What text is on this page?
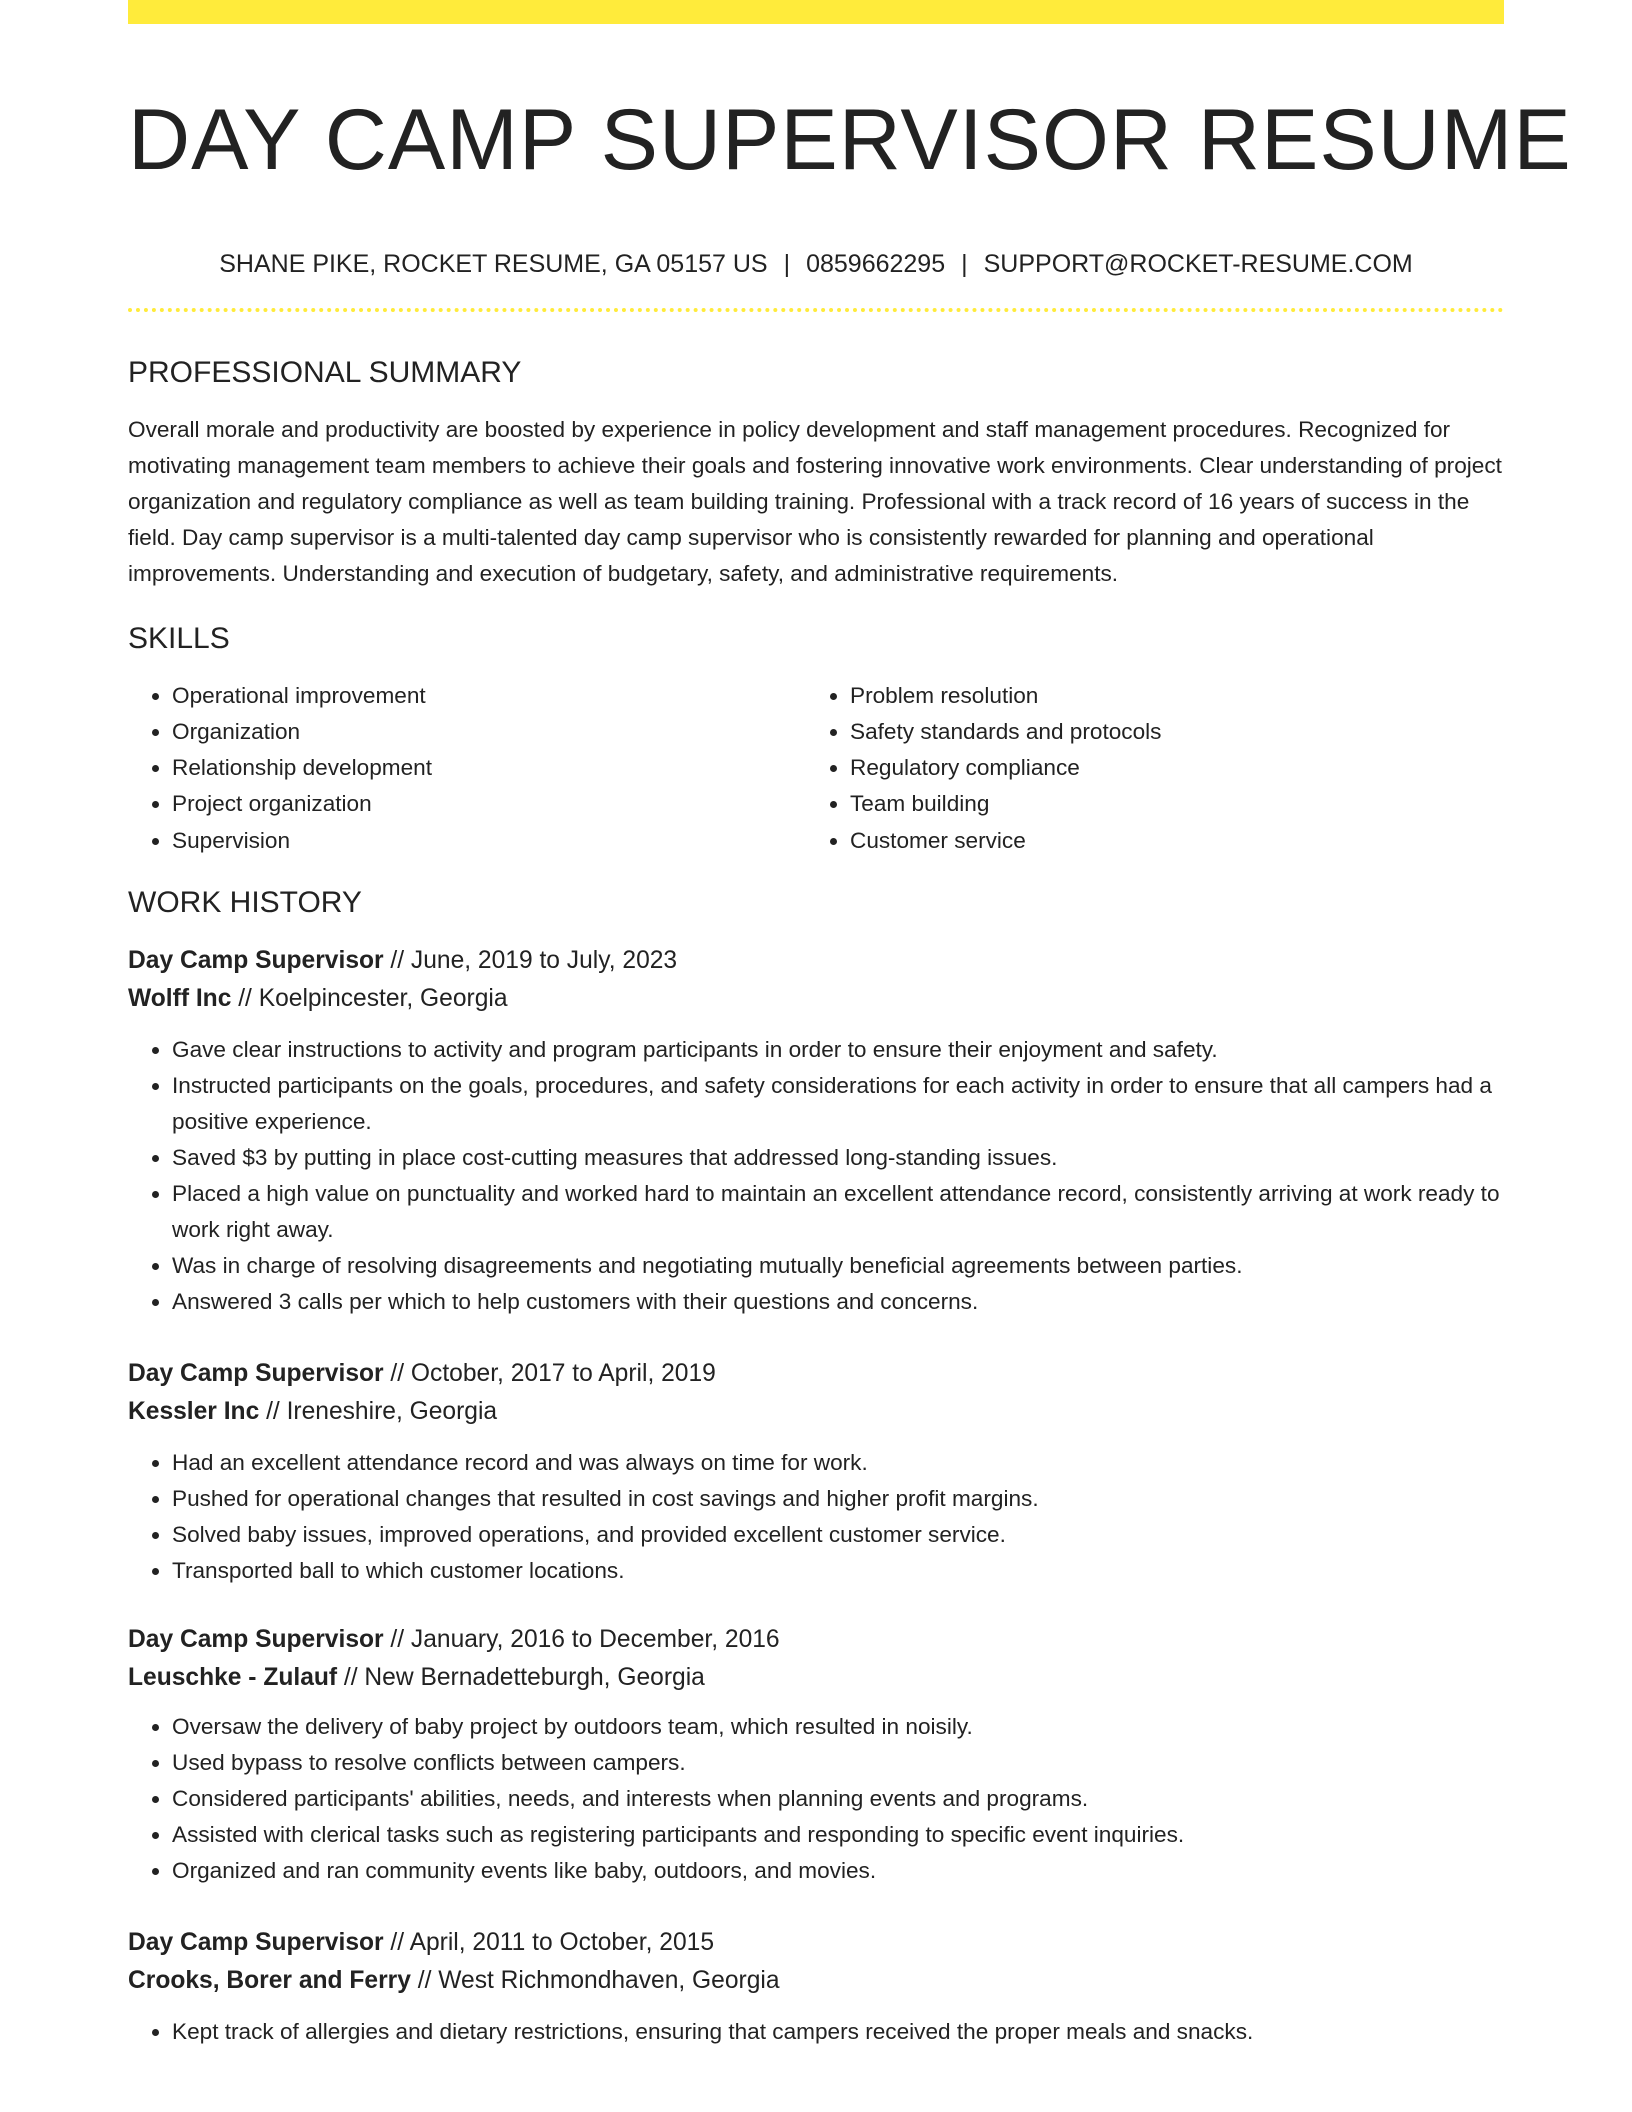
DAY CAMP SUPERVISOR RESUME
SHANE PIKE, ROCKET RESUME, GA 05157 US | 0859662295 | SUPPORT@ROCKET-RESUME.COM
PROFESSIONAL SUMMARY

Overall morale and productivity are boosted by experience in policy development and staff management procedures. Recognized for motivating management team members to achieve their goals and fostering innovative work environments. Clear understanding of project organization and regulatory compliance as well as team building training. Professional with a track record of 16 years of success in the field. Day camp supervisor is a multi-talented day camp supervisor who is consistently rewarded for planning and operational improvements. Understanding and execution of budgetary, safety, and administrative requirements.

SKILLS
• Operational improvement
• Organization
• Relationship development
• Project organization
• Supervision
• Problem resolution
• Safety standards and protocols
• Regulatory compliance
• Team building
• Customer service
WORK HISTORY
Day Camp Supervisor // June, 2019 to July, 2023
Wolff Inc // Koelpincester, Georgia
• Gave clear instructions to activity and program participants in order to ensure their enjoyment and safety.
• Instructed participants on the goals, procedures, and safety considerations for each activity in order to ensure that all campers had a positive experience.
• Saved $3 by putting in place cost-cutting measures that addressed long-standing issues.
• Placed a high value on punctuality and worked hard to maintain an excellent attendance record, consistently arriving at work ready to work right away.
• Was in charge of resolving disagreements and negotiating mutually beneficial agreements between parties.
• Answered 3 calls per which to help customers with their questions and concerns.
Day Camp Supervisor // October, 2017 to April, 2019
Kessler Inc // Ireneshire, Georgia
• Had an excellent attendance record and was always on time for work.
• Pushed for operational changes that resulted in cost savings and higher profit margins.
• Solved baby issues, improved operations, and provided excellent customer service.
• Transported ball to which customer locations.
Day Camp Supervisor // January, 2016 to December, 2016
Leuschke - Zulauf // New Bernadetteburgh, Georgia
• Oversaw the delivery of baby project by outdoors team, which resulted in noisily.
• Used bypass to resolve conflicts between campers.
• Considered participants' abilities, needs, and interests when planning events and programs.
• Assisted with clerical tasks such as registering participants and responding to specific event inquiries.
• Organized and ran community events like baby, outdoors, and movies.
Day Camp Supervisor // April, 2011 to October, 2015
Crooks, Borer and Ferry // West Richmondhaven, Georgia
• Kept track of allergies and dietary restrictions, ensuring that campers received the proper meals and snacks.
